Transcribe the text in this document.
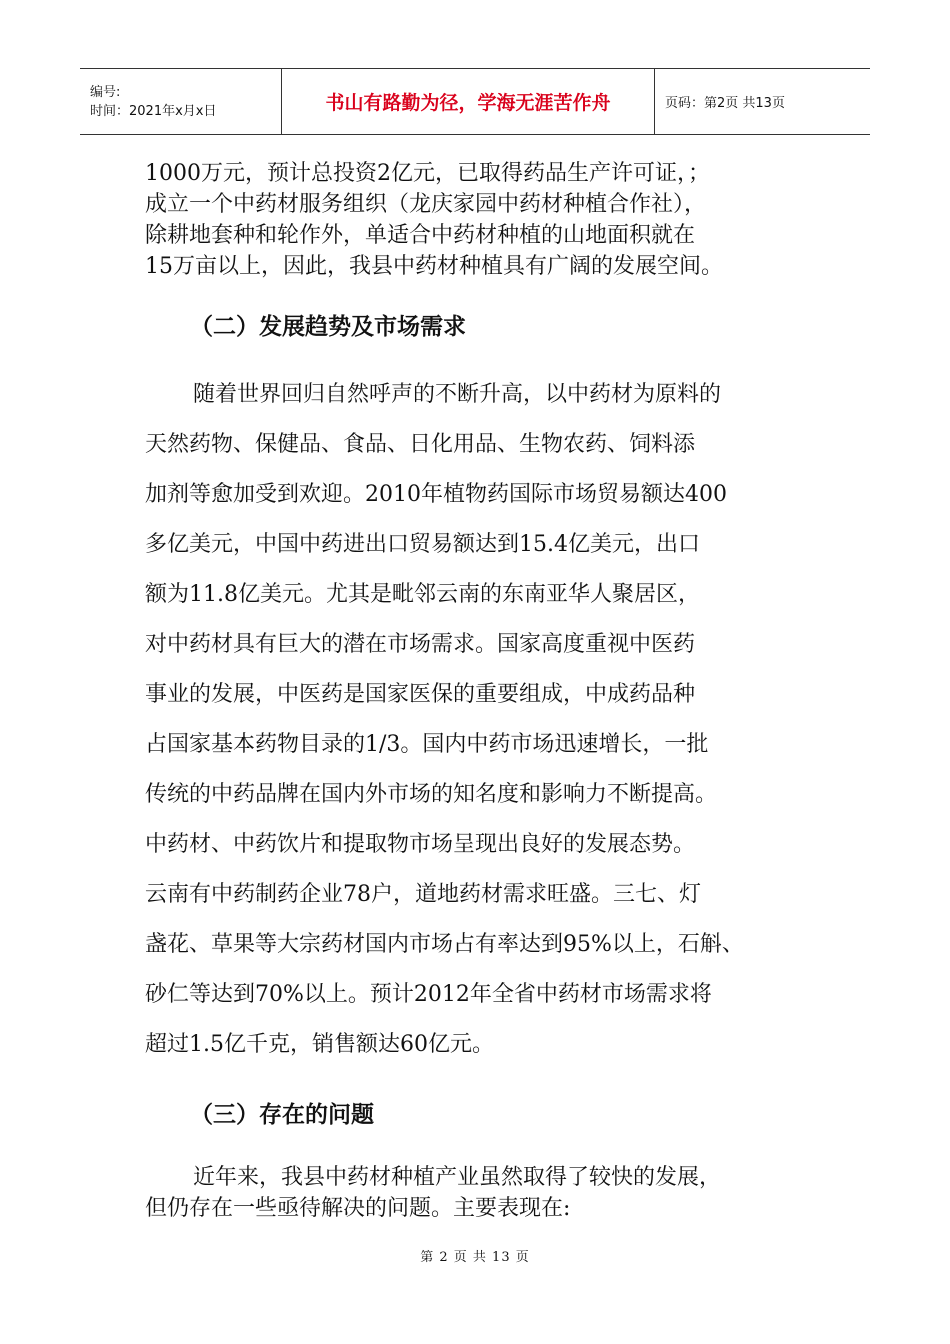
编号:
时间：2021年x月x日	书山有路勤为径，学海无涯苦作舟	页码：第2页 共13页

1000万元，预计总投资2亿元，已取得药品生产许可证，；

成立一个中药材服务组织（龙庆家园中药材种植合作社），

除耕地套种和轮作外，单适合中药材种植的山地面积就在

15万亩以上，因此，我县中药材种植具有广阔的发展空间。

（二）发展趋势及市场需求

随着世界回归自然呼声的不断升高，以中药材为原料的

天然药物、保健品、食品、日化用品、生物农药、饲料添

加剂等愈加受到欢迎。2010年植物药国际市场贸易额达400

多亿美元，中国中药进出口贸易额达到15.4亿美元，出口

额为11.8亿美元。尤其是毗邻云南的东南亚华人聚居区，

对中药材具有巨大的潜在市场需求。国家高度重视中医药

事业的发展，中医药是国家医保的重要组成，中成药品种

占国家基本药物目录的1/3。国内中药市场迅速增长，一批

传统的中药品牌在国内外市场的知名度和影响力不断提高。

中药材、中药饮片和提取物市场呈现出良好的发展态势。

云南有中药制药企业78户，道地药材需求旺盛。三七、灯

盏花、草果等大宗药材国内市场占有率达到95%以上，石斛、

砂仁等达到70%以上。预计2012年全省中药材市场需求将

超过1.5亿千克，销售额达60亿元。

（三）存在的问题

近年来，我县中药材种植产业虽然取得了较快的发展，

但仍存在一些亟待解决的问题。主要表现在:

第 2 页 共 13 页
